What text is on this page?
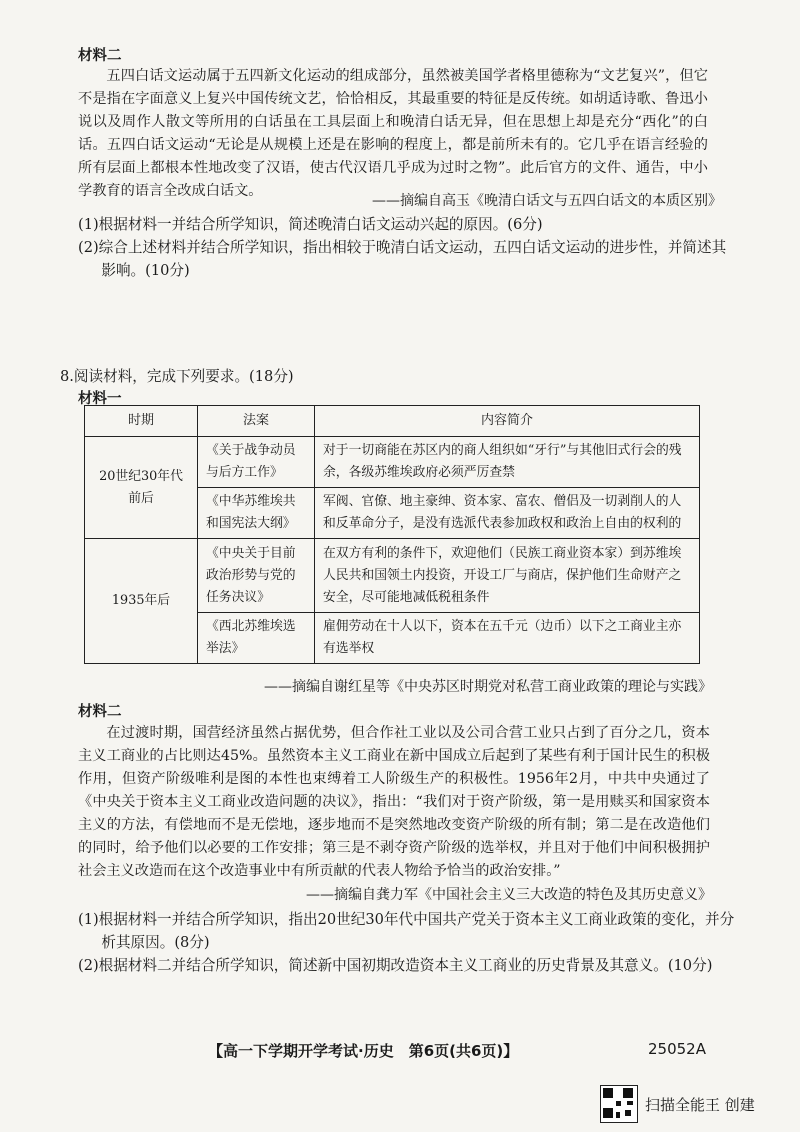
材料二
五四白话文运动属于五四新文化运动的组成部分，虽然被美国学者格里德称为“文艺复兴”，但它不是指在字面意义上复兴中国传统文艺，恰恰相反，其最重要的特征是反传统。如胡适诗歌、鲁迅小说以及周作人散文等所用的白话虽在工具层面上和晚清白话无异，但在思想上却是充分“西化”的白话。五四白话文运动“无论是从规模上还是在影响的程度上，都是前所未有的。它几乎在语言经验的所有层面上都根本性地改变了汉语，使古代汉语几乎成为过时之物”。此后官方的文件、通告，中小学教育的语言全改成白话文。
——摘编自高玉《晚清白话文与五四白话文的本质区别》
(1)根据材料一并结合所学知识，简述晚清白话文运动兴起的原因。(6分)
(2)综合上述材料并结合所学知识，指出相较于晚清白话文运动，五四白话文运动的进步性，并简述其影响。(10分)
8.阅读材料，完成下列要求。(18分)
材料一
时期	法案	内容简介
20世纪30年代前后	《关于战争动员与后方工作》	对于一切商能在苏区内的商人组织如“牙行”与其他旧式行会的残余，各级苏维埃政府必须严厉查禁
	《中华苏维埃共和国宪法大纲》	军阀、官僚、地主豪绅、资本家、富农、僧侣及一切剥削人的人和反革命分子，是没有选派代表参加政权和政治上自由的权利的
1935年后	《中央关于目前政治形势与党的任务决议》	在双方有利的条件下，欢迎他们（民族工商业资本家）到苏维埃人民共和国领土内投资，开设工厂与商店，保护他们生命财产之安全，尽可能地减低税租条件
	《西北苏维埃选举法》	雇佣劳动在十人以下，资本在五千元（边币）以下之工商业主亦有选举权
——摘编自谢红星等《中央苏区时期党对私营工商业政策的理论与实践》
材料二
在过渡时期，国营经济虽然占据优势，但合作社工业以及公司合营工业只占到了百分之几，资本主义工商业的占比则达45%。虽然资本主义工商业在新中国成立后起到了某些有利于国计民生的积极作用，但资产阶级唯利是图的本性也束缚着工人阶级生产的积极性。1956年2月，中共中央通过了《中央关于资本主义工商业改造问题的决议》，指出：“我们对于资产阶级，第一是用赎买和国家资本主义的方法，有偿地而不是无偿地，逐步地而不是突然地改变资产阶级的所有制；第二是在改造他们的同时，给予他们以必要的工作安排；第三是不剥夺资产阶级的选举权，并且对于他们中间积极拥护社会主义改造而在这个改造事业中有所贡献的代表人物给予恰当的政治安排。”
——摘编自龚力军《中国社会主义三大改造的特色及其历史意义》
(1)根据材料一并结合所学知识，指出20世纪30年代中国共产党关于资本主义工商业政策的变化，并分析其原因。(8分)
(2)根据材料二并结合所学知识，简述新中国初期改造资本主义工商业的历史背景及其意义。(10分)
【高一下学期开学考试·历史　第6页(共6页)】	25052A
扫描全能王 创建
